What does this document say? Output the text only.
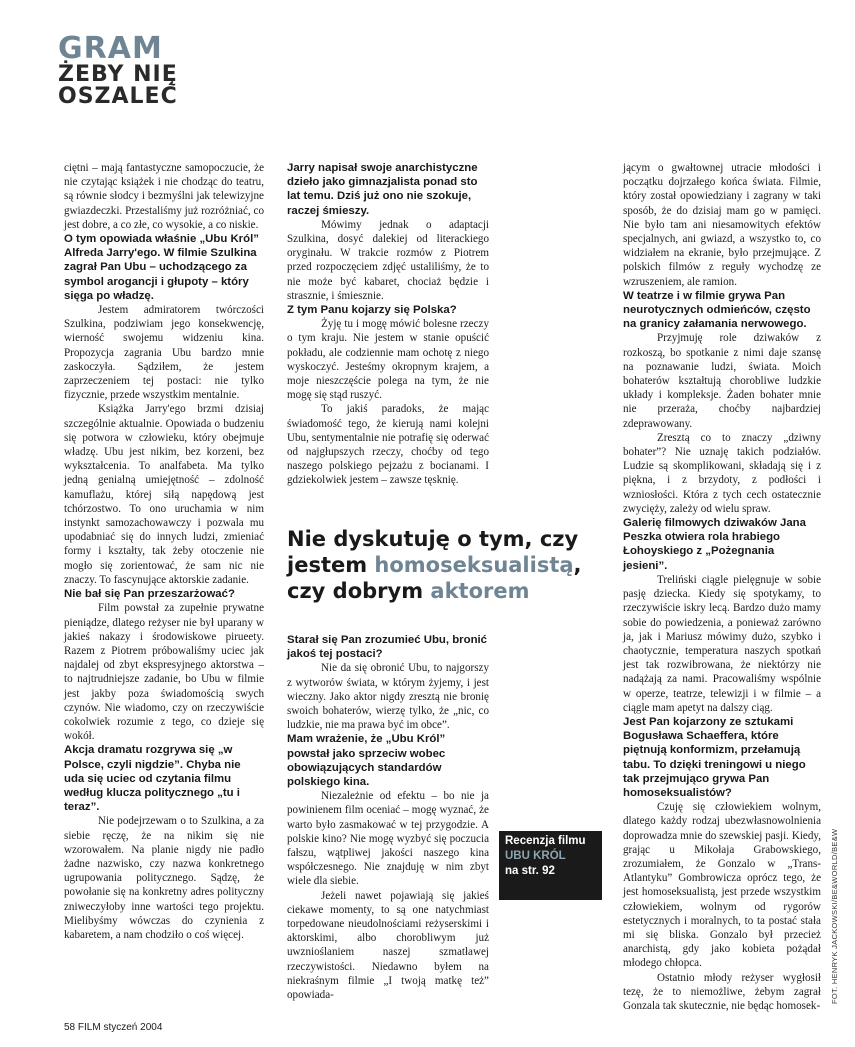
GRAM
ŻEBY NIĘ
OSZALEĆ

ciętni – mają fantastyczne samopoczucie, że nie czytając książek i nie chodząc do teatru, są równie słodcy i bezmyślni jak telewizyjne gwiazdeczki. Przestaliśmy już rozróżniać, co jest dobre, a co złe, co wysokie, a co niskie.

O tym opowiada właśnie „Ubu Król” Alfreda Jarry'ego. W filmie Szulkina zagrał Pan Ubu – uchodzącego za symbol arogancji i głupoty – który sięga po władzę.

Jestem admiratorem twórczości Szulkina, podziwiam jego konsekwencję, wierność swojemu widzeniu kina. Propozycja zagrania Ubu bardzo mnie zaskoczyła. Sądziłem, że jestem zaprzeczeniem tej postaci: nie tylko fizycznie, przede wszystkim mentalnie.

Książka Jarry'ego brzmi dzisiaj szczególnie aktualnie. Opowiada o budzeniu się potwora w człowieku, który obejmuje władzę. Ubu jest nikim, bez korzeni, bez wykształcenia. To analfabeta. Ma tylko jedną genialną umiejętność – zdolność kamuflażu, której siłą napędową jest tchórzostwo. To ono uruchamia w nim instynkt samozachowawczy i pozwala mu upodabniać się do innych ludzi, zmieniać formy i kształty, tak żeby otoczenie nie mogło się zorientować, że sam nic nie znaczy. To fascynujące aktorskie zadanie.

Nie bał się Pan przeszarżować?

Film powstał za zupełnie prywatne pieniądze, dlatego reżyser nie był uparany w jakieś nakazy i środowiskowe pirueety. Razem z Piotrem próbowaliśmy uciec jak najdalej od zbyt ekspresyjnego aktorstwa – to najtrudniejsze zadanie, bo Ubu w filmie jest jakby poza świadomością swych czynów. Nie wiadomo, czy on rzeczywiście cokolwiek rozumie z tego, co dzieje się wokół.

Akcja dramatu rozgrywa się „w Polsce, czyli nigdzie”. Chyba nie uda się uciec od czytania filmu według klucza politycznego „tu i teraz”.

Nie podejrzewam o to Szulkina, a za siebie ręczę, że na nikim się nie wzorowałem. Na planie nigdy nie padło żadne nazwisko, czy nazwa konkretnego ugrupowania politycznego. Sądzę, że powołanie się na konkretny adres polityczny zniweczyłoby inne wartości tego projektu. Mielibyśmy wówczas do czynienia z kabaretem, a nam chodziło o coś więcej.

Jarry napisał swoje anarchistyczne dzieło jako gimnazjalista ponad sto lat temu. Dziś już ono nie szokuje, raczej śmieszy.

Mówimy jednak o adaptacji Szulkina, dosyć dalekiej od literackiego oryginału. W trakcie rozmów z Piotrem przed rozpoczęciem zdjęć ustaliliśmy, że to nie może być kabaret, chociaż będzie i strasznie, i śmiesznie.

Z tym Panu kojarzy się Polska?

Żyję tu i mogę mówić bolesne rzeczy o tym kraju. Nie jestem w stanie opuścić pokładu, ale codziennie mam ochotę z niego wyskoczyć. Jesteśmy okropnym krajem, a moje nieszczęście polega na tym, że nie mogę się stąd ruszyć.

To jakiś paradoks, że mając świadomość tego, że kierują nami kolejni Ubu, sentymentalnie nie potrafię się oderwać od najgłupszych rzeczy, choćby od tego naszego polskiego pejzażu z bocianami. I gdziekolwiek jestem – zawsze tęsknię.

Nie dyskutuję o tym, czy jestem homoseksualistą, czy dobrym aktorem

Starał się Pan zrozumieć Ubu, bronić jakoś tej postaci?

Nie da się obronić Ubu, to najgorszy z wytworów świata, w którym żyjemy, i jest wieczny. Jako aktor nigdy zresztą nie bronię swoich bohaterów, wierzę tylko, że „nic, co ludzkie, nie ma prawa być im obce”.

Mam wrażenie, że „Ubu Król” powstał jako sprzeciw wobec obowiązujących standardów polskiego kina.

Niezależnie od efektu – bo nie ja powinienem film oceniać – mogę wyznać, że warto było zasmakować w tej przygodzie. A polskie kino? Nie mogę wyzbyć się poczucia fałszu, wątpliwej jakości naszego kina współczesnego. Nie znajduję w nim zbyt wiele dla siebie.

Jeżeli nawet pojawiają się jakieś ciekawe momenty, to są one natychmiast torpedowane nieudolnościami reżyserskimi i aktorskimi, albo chorobliwym już uwznioślaniem naszej szmatławej rzeczywistości. Niedawno byłem na niekraśnym filmie „I twoją matkę też” opowiada-

jącym o gwałtownej utracie młodości i początku dojrzałego końca świata. Filmie, który został opowiedziany i zagrany w taki sposób, że do dzisiaj mam go w pamięci. Nie było tam ani niesamowitych efektów specjalnych, ani gwiazd, a wszystko to, co widziałem na ekranie, było przejmujące. Z polskich filmów z reguły wychodzę ze wzruszeniem, ale ramion.

W teatrze i w filmie grywa Pan neurotycznych odmieńców, często na granicy załamania nerwowego.

Przyjmuję role dziwaków z rozkoszą, bo spotkanie z nimi daje szansę na poznawanie ludzi, świata. Moich bohaterów kształtują chorobliwe ludzkie układy i kompleksje. Żaden bohater mnie nie przeraża, choćby najbardziej zdeprawowany.

Zresztą co to znaczy „dziwny bohater”? Nie uznaję takich podziałów. Ludzie są skomplikowani, składają się i z piękna, i z brzydoty, z podłości i wzniosłości. Która z tych cech ostatecznie zwycięży, zależy od wielu spraw.

Galerię filmowych dziwaków Jana Peszka otwiera rola hrabiego Łohoyskiego z „Pożegnania jesieni”.

Treliński ciągle pielęgnuje w sobie pasję dziecka. Kiedy się spotykamy, to rzeczywiście iskry lecą. Bardzo dużo mamy sobie do powiedzenia, a ponieważ zarówno ja, jak i Mariusz mówimy dużo, szybko i chaotycznie, temperatura naszych spotkań jest tak rozwibrowana, że niektórzy nie nadążają za nami. Pracowaliśmy wspólnie w operze, teatrze, telewizji i w filmie – a ciągle mam apetyt na dalszy ciąg.

Jest Pan kojarzony ze sztukami Bogusława Schaeffera, które piętnują konformizm, przełamują tabu. To dzięki treningowi u niego tak przejmująco grywa Pan homoseksualistów?

Czuję się człowiekiem wolnym, dlatego każdy rodzaj ubezwłasnowolnienia doprowadza mnie do szewskiej pasji. Kiedy, grając u Mikołaja Grabowskiego, zrozumiałem, że Gonzalo w „Trans-Atlantyku” Gombrowicza oprócz tego, że jest homoseksualistą, jest przede wszystkim człowiekiem, wolnym od rygorów estetycznych i moralnych, to ta postać stała mi się bliska. Gonzalo był przecież anarchistą, gdy jako kobieta pożądał młodego chłopca.

Ostatnio młody reżyser wygłosił tezę, że to niemożliwe, żebym zagrał Gonzala tak skutecznie, nie będąc homosek-

Recenzja filmu
UBU KRÓL
na str. 92
58 FILM styczeń 2004
FOT. HENRYK JACKOWSKI/BE&WORLD/BE&W
